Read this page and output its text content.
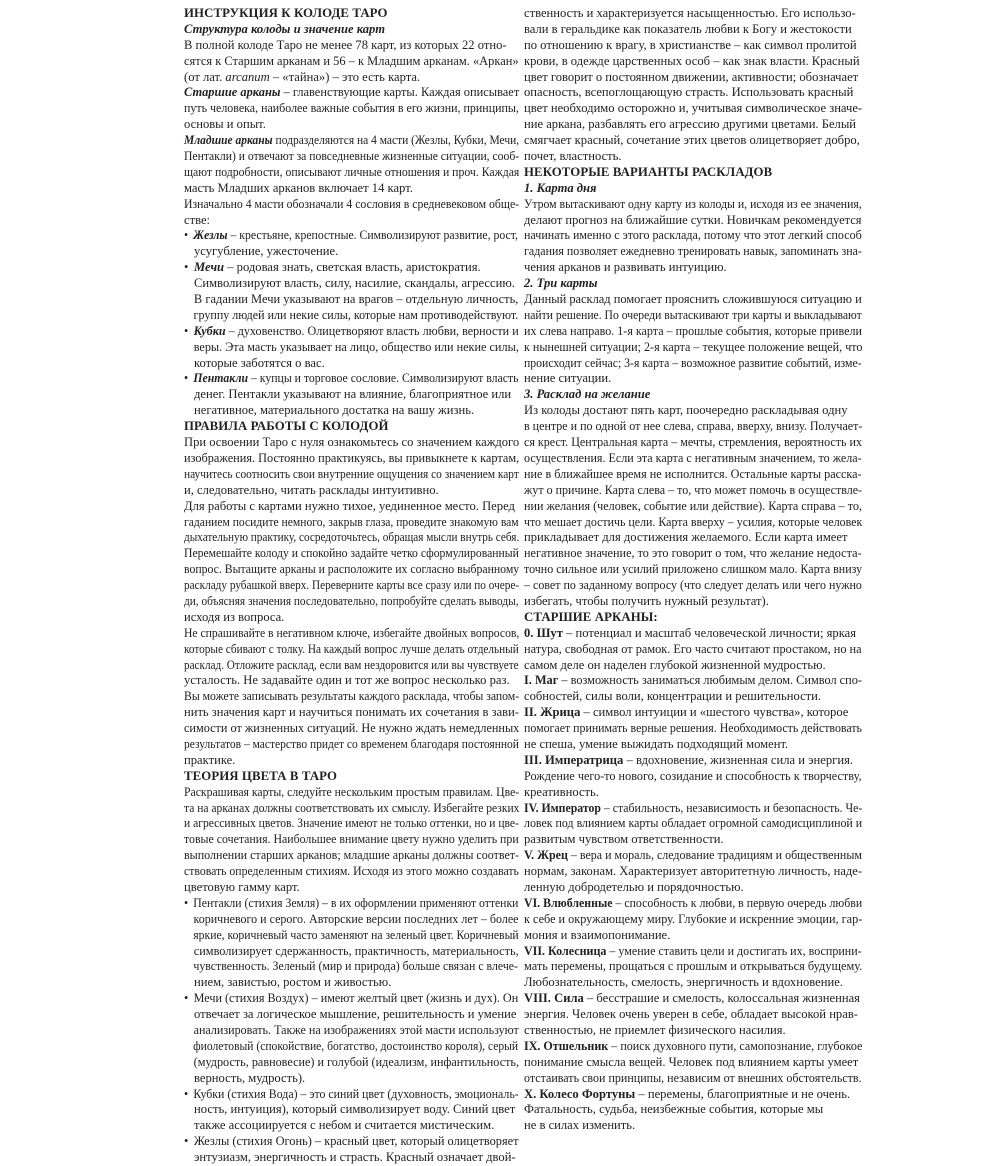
ИНСТРУКЦИЯ К КОЛОДЕ ТАРО
Структура колоды и значение карт
В полной колоде Таро не менее 78 карт, из которых 22 отно-
сятся к Старшим арканам и 56 – к Младшим арканам. «Аркан»
(от лат. arcanum – «тайна») – это есть карта.
Старшие арканы – главенствующие карты. Каждая описывает
путь человека, наиболее важные события в его жизни, принципы,
основы и опыт.
Младшие арканы подразделяются на 4 масти (Жезлы, Кубки, Мечи,
Пентакли) и отвечают за повседневные жизненные ситуации, сооб-
щают подробности, описывают личные отношения и проч. Каждая
масть Младших арканов включает 14 карт.
Изначально 4 масти обозначали 4 сословия в средневековом обще-
стве:
• Жезлы – крестьяне, крепостные. Символизируют развитие, рост,
усугубление, ужесточение.
• Мечи – родовая знать, светская власть, аристократия.
Символизируют власть, силу, насилие, скандалы, агрессию.
В гадании Мечи указывают на врагов – отдельную личность,
группу людей или некие силы, которые нам противодействуют.
• Кубки – духовенство. Олицетворяют власть любви, верности и
веры. Эта масть указывает на лицо, общество или некие силы,
которые заботятся о вас.
• Пентакли – купцы и торговое сословие. Символизируют власть
денег. Пентакли указывают на влияние, благоприятное или
негативное, материального достатка на вашу жизнь.
ПРАВИЛА РАБОТЫ С КОЛОДОЙ
При освоении Таро с нуля ознакомьтесь со значением каждого
изображения. Постоянно практикуясь, вы привыкнете к картам,
научитесь соотносить свои внутренние ощущения со значением карт
и, следовательно, читать расклады интуитивно.
Для работы с картами нужно тихое, уединенное место. Перед
гаданием посидите немного, закрыв глаза, проведите знакомую вам
дыхательную практику, сосредоточьтесь, обращая мысли внутрь себя.
Перемешайте колоду и спокойно задайте четко сформулированный
вопрос. Вытащите арканы и расположите их согласно выбранному
раскладу рубашкой вверх. Переверните карты все сразу или по очере-
ди, объясняя значения последовательно, попробуйте сделать выводы,
исходя из вопроса.
Не спрашивайте в негативном ключе, избегайте двойных вопросов,
которые сбивают с толку. На каждый вопрос лучше делать отдельный
расклад. Отложите расклад, если вам нездоровится или вы чувствуете
усталость. Не задавайте один и тот же вопрос несколько раз.
Вы можете записывать результаты каждого расклада, чтобы запом-
нить значения карт и научиться понимать их сочетания в зави-
симости от жизненных ситуаций. Не нужно ждать немедленных
результатов – мастерство придет со временем благодаря постоянной
практике.
ТЕОРИЯ ЦВЕТА В ТАРО
Раскрашивая карты, следуйте нескольким простым правилам. Цве-
та на арканах должны соответствовать их смыслу. Избегайте резких
и агрессивных цветов. Значение имеют не только оттенки, но и цве-
товые сочетания. Наибольшее внимание цвету нужно уделить при
выполнении старших арканов; младшие арканы должны соответ-
ствовать определенным стихиям. Исходя из этого можно создавать
цветовую гамму карт.
• Пентакли (стихия Земля) – в их оформлении применяют оттенки
коричневого и серого. Авторские версии последних лет – более
яркие, коричневый часто заменяют на зеленый цвет. Коричневый
символизирует сдержанность, практичность, материальность,
чувственность. Зеленый (мир и природа) больше связан с влече-
нием, завистью, ростом и живостью.
• Мечи (стихия Воздух) – имеют желтый цвет (жизнь и дух). Он
отвечает за логическое мышление, решительность и умение
анализировать. Также на изображениях этой масти используют
фиолетовый (спокойствие, богатство, достоинство короля), серый
(мудрость, равновесие) и голубой (идеализм, инфантильность,
верность, мудрость).
• Кубки (стихия Вода) – это синий цвет (духовность, эмоциональ-
ность, интуиция), который символизирует воду. Синий цвет
также ассоциируется с небом и считается мистическим.
• Жезлы (стихия Огонь) – красный цвет, который олицетворяет
энтузиазм, энергичность и страсть. Красный означает двой-
ственность и характеризуется насыщенностью. Его использо-
вали в геральдике как показатель любви к Богу и жестокости
по отношению к врагу, в христианстве – как символ пролитой
крови, в одежде царственных особ – как знак власти. Красный
цвет говорит о постоянном движении, активности; обозначает
опасность, всепоглощающую страсть. Использовать красный
цвет необходимо осторожно и, учитывая символическое значе-
ние аркана, разбавлять его агрессию другими цветами. Белый
смягчает красный, сочетание этих цветов олицетворяет добро,
почет, властность.
НЕКОТОРЫЕ ВАРИАНТЫ РАСКЛАДОВ
1. Карта дня
Утром вытаскивают одну карту из колоды и, исходя из ее значения,
делают прогноз на ближайшие сутки. Новичкам рекомендуется
начинать именно с этого расклада, потому что этот легкий способ
гадания позволяет ежедневно тренировать навык, запоминать зна-
чения арканов и развивать интуицию.
2. Три карты
Данный расклад помогает прояснить сложившуюся ситуацию и
найти решение. По очереди вытаскивают три карты и выкладывают
их слева направо. 1-я карта – прошлые события, которые привели
к нынешней ситуации; 2-я карта – текущее положение вещей, что
происходит сейчас; 3-я карта – возможное развитие событий, изме-
нение ситуации.
3. Расклад на желание
Из колоды достают пять карт, поочередно раскладывая одну
в центре и по одной от нее слева, справа, вверху, внизу. Получает-
ся крест. Центральная карта – мечты, стремления, вероятность их
осуществления. Если эта карта с негативным значением, то жела-
ние в ближайшее время не исполнится. Остальные карты расска-
жут о причине. Карта слева – то, что может помочь в осуществле-
нии желания (человек, событие или действие). Карта справа – то,
что мешает достичь цели. Карта вверху – усилия, которые человек
прикладывает для достижения желаемого. Если карта имеет
негативное значение, то это говорит о том, что желание недоста-
точно сильное или усилий приложено слишком мало. Карта внизу
– совет по заданному вопросу (что следует делать или чего нужно
избегать, чтобы получить нужный результат).
СТАРШИЕ АРКАНЫ:
0. Шут – потенциал и масштаб человеческой личности; яркая
натура, свободная от рамок. Его часто считают простаком, но на
самом деле он наделен глубокой жизненной мудростью.
I. Маг – возможность заниматься любимым делом. Символ спо-
собностей, силы воли, концентрации и решительности.
II. Жрица – символ интуиции и «шестого чувства», которое
помогает принимать верные решения. Необходимость действовать
не спеша, умение выжидать подходящий момент.
III. Императрица – вдохновение, жизненная сила и энергия.
Рождение чего-то нового, созидание и способность к творчеству,
креативность.
IV. Император – стабильность, независимость и безопасность. Че-
ловек под влиянием карты обладает огромной самодисциплиной и
развитым чувством ответственности.
V. Жрец – вера и мораль, следование традициям и общественным
нормам, законам. Характеризует авторитетную личность, наде-
ленную добродетелью и порядочностью.
VI. Влюбленные – способность к любви, в первую очередь любви
к себе и окружающему миру. Глубокие и искренние эмоции, гар-
мония и взаимопонимание.
VII. Колесница – умение ставить цели и достигать их, восприни-
мать перемены, прощаться с прошлым и открываться будущему.
Любознательность, смелость, энергичность и вдохновение.
VIII. Сила – бесстрашие и смелость, колоссальная жизненная
энергия. Человек очень уверен в себе, обладает высокой нрав-
ственностью, не приемлет физического насилия.
IX. Отшельник – поиск духовного пути, самопознание, глубокое
понимание смысла вещей. Человек под влиянием карты умеет
отстаивать свои принципы, независим от внешних обстоятельств.
X. Колесо Фортуны – перемены, благоприятные и не очень.
Фатальность, судьба, неизбежные события, которые мы
не в силах изменить.
